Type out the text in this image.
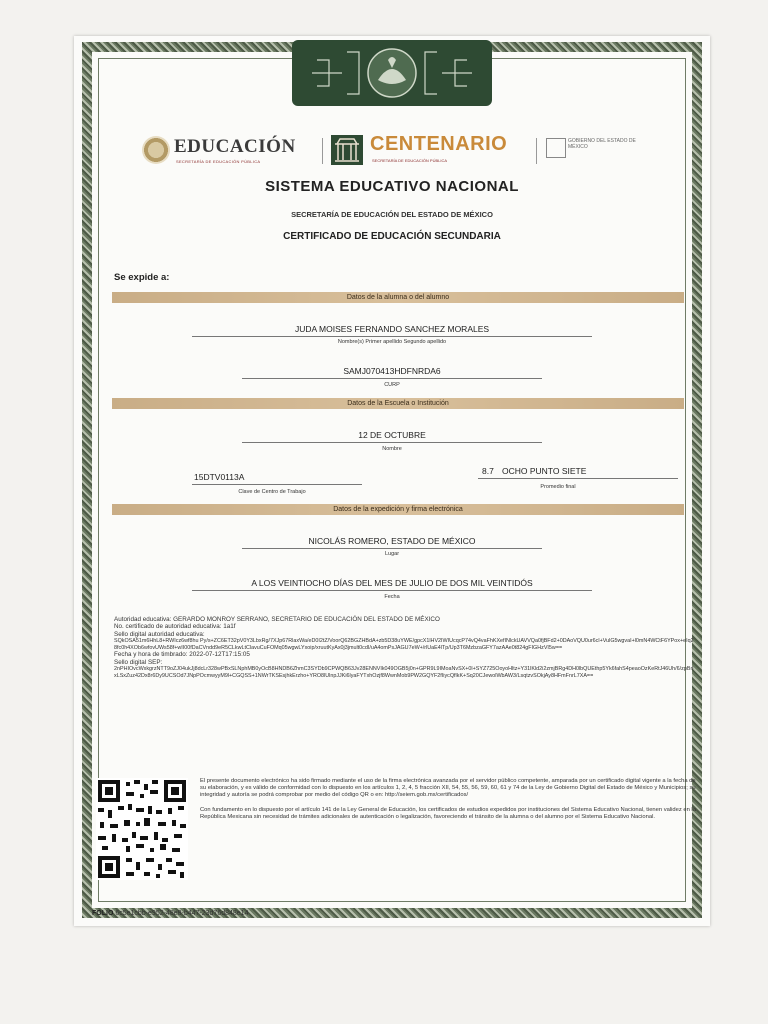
EDUCACIÓN
SECRETARÍA DE EDUCACIÓN PÚBLICA
CENTENARIO
SECRETARÍA DE EDUCACIÓN PÚBLICA
GOBIERNO DEL ESTADO DE MÉXICO
SISTEMA EDUCATIVO NACIONAL
SECRETARÍA DE EDUCACIÓN DEL ESTADO DE MÉXICO
CERTIFICADO DE EDUCACIÓN SECUNDARIA
Se expide a:
Datos de la alumna o del alumno
JUDA MOISES FERNANDO SANCHEZ MORALES
Nombre(s) Primer apellido Segundo apellido
SAMJ070413HDFNRDA6
CURP
Datos de la Escuela o Institución
12 DE OCTUBRE
Nombre
15DTV0113A
Clave de Centro de Trabajo
8.7 OCHO PUNTO SIETE
Promedio final
Datos de la expedición y firma electrónica
NICOLÁS ROMERO, ESTADO DE MÉXICO
Lugar
A LOS VEINTIOCHO DÍAS DEL MES DE JULIO DE DOS MIL VEINTIDÓS
Fecha

Autoridad educativa: GERARDO MONROY SERRANO, SECRETARIO DE EDUCACIÓN DEL ESTADO DE MÉXICO

No. certificado de autoridad educativa: 1a1f

Sello digital autoridad educativa:

SQkOSA51m6HhL8+RWIcz6wf8hu Py/s+ZC6ET32pV0Y3LbxRg/7XJp67RlaxWa/eD0I2tZ/VoorQ62BGZHBdA+zb5D38uYWE/gpcX1lHV2IWIUcqcP74vQ4vaFhKXefINlckUAVVQa0fjBFd2+0DAoVQU0ur6cl+VulG5wgvaI+l0mN4WCtF6YPox+eIq28fc0h4XOb6wfovUWs58f+wII00fDaCVndd9eR5CLkwLtClavuCuFOMq05wgwLYxoip/xruutKyAx0j3jmult0cdI/uA4omPsJAGU7eW+/rlUaE4lTp/Up3T6MzbzaGFY7azAAe0t824gFIGHzVI5w==

Fecha y hora de timbrado: 2022-07-12T17:15:05

Sello digital SEP:

2nPHIOvcWxkgrzNTT9oZJ04ukJj8dcLr328wPBxSLNphMB0yOcB8HNDB6ZhmC3SYDb9CPWQB63Jv28ENNVIk049OGB5j0n+GPR9L9IMoaNvSX+0l+SYZ725OoyoHltz+Y31lKld2i2zmjBRg4DH0lbQUEthp5Yk6fahS4peaoOzKeRtJ46Uh/6/zpBrlxLSxZuz42Dx8r6Dy9UCSOd7JNpPOcmwyyM9l+CGQSS+1NWrTKSEsjhkErzho+YRO8lUlnpJJKi6lyaFYTxhOzjf8WwnMob9PW2GQYF2fIiycQflkK+Sq20CJewolWbAW3/LsqtzvSOkjAy8HFmFnrL7XA==

El presente documento electrónico ha sido firmado mediante el uso de la firma electrónica avanzada por el servidor público competente, amparada por un certificado digital vigente a la fecha de su elaboración, y es válido de conformidad con lo dispuesto en los artículos 1, 2, 4, 5 fracción XII, 54, 55, 56, 59, 60, 61 y 74 de la Ley de Gobierno Digital del Estado de México y Municipios; su integridad y autoría se podrá comprobar por medio del código QR o en: http://seiem.gob.mx/certificados/

Con fundamento en lo dispuesto por el artículo 141 de la Ley General de Educación, los certificados de estudios expedidos por instituciones del Sistema Educativo Nacional, tienen validez en la República Mexicana sin necesidad de trámites adicionales de autenticación o legalización, favoreciendo el tránsito de la alumna o del alumno por el Sistema Educativo Nacional.

FOLIO 6c5e1cbb-e952-48e8-b447-23d76d848e14
